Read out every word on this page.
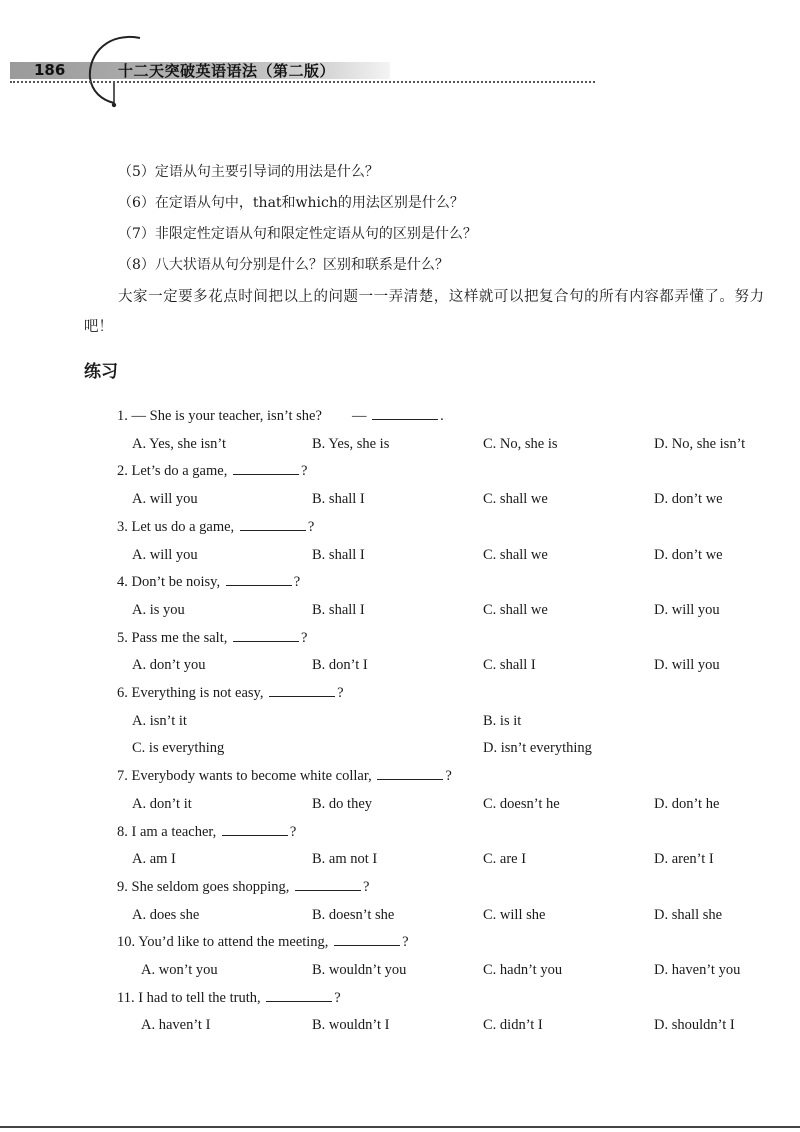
186	十二天突破英语语法（第二版）
（5）定语从句主要引导词的用法是什么？
（6）在定语从句中，that和which的用法区别是什么？
（7）非限定性定语从句和限定性定语从句的区别是什么？
（8）八大状语从句分别是什么？区别和联系是什么？
大家一定要多花点时间把以上的问题一一弄清楚，这样就可以把复合句的所有内容都弄懂了。努力吧！
练习
1. — She is your teacher, isn’t she? —	.
A. Yes, she isn’t	B. Yes, she is	C. No, she is	D. No, she isn’t
2. Let’s do a game,	?
A. will you	B. shall I	C. shall we	D. don’t we
3. Let us do a game,	?
A. will you	B. shall I	C. shall we	D. don’t we
4. Don’t be noisy,	?
A. is you	B. shall I	C. shall we	D. will you
5. Pass me the salt,	?
A. don’t you	B. don’t I	C. shall I	D. will you
6. Everything is not easy,	?
A. isn’t it	B. is it
C. is everything	D. isn’t everything
7. Everybody wants to become white collar,	?
A. don’t it	B. do they	C. doesn’t he	D. don’t he
8. I am a teacher,	?
A. am I	B. am not I	C. are I	D. aren’t I
9. She seldom goes shopping,	?
A. does she	B. doesn’t she	C. will she	D. shall she
10. You’d like to attend the meeting,	?
A. won’t you	B. wouldn’t you	C. hadn’t you	D. haven’t you
11. I had to tell the truth,	?
A. haven’t I	B. wouldn’t I	C. didn’t I	D. shouldn’t I
